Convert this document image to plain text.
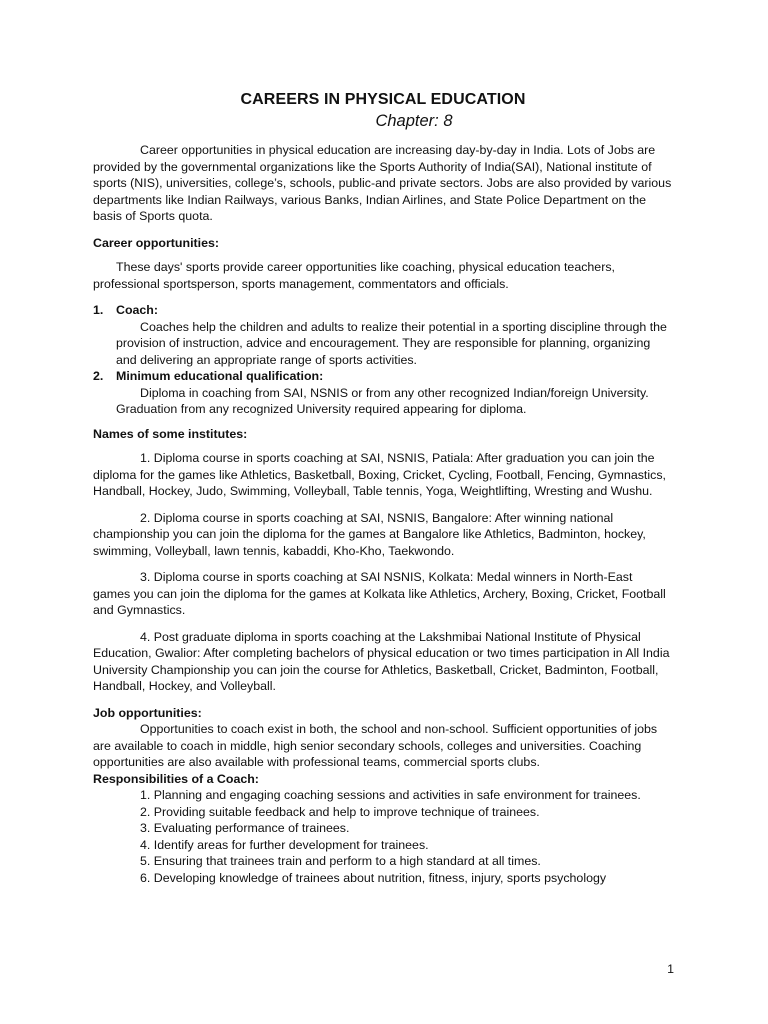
CAREERS IN PHYSICAL EDUCATION
Chapter: 8

Career opportunities in physical education are increasing day-by-day in India. Lots of Jobs are provided by the governmental organizations like the Sports Authority of India(SAI), National institute of sports (NIS), universities, college’s, schools, public-and private sectors. Jobs are also provided by various departments like Indian Railways, various Banks, Indian Airlines, and State Police Department on the basis of Sports quota.

Career opportunities:

These days' sports provide career opportunities like coaching, physical education teachers, professional sportsperson, sports management, commentators and officials.

1. Coach:
Coaches help the children and adults to realize their potential in a sporting discipline through the provision of instruction, advice and encouragement. They are responsible for planning, organizing and delivering an appropriate range of sports activities.
2. Minimum educational qualification:
Diploma in coaching from SAI, NSNIS or from any other recognized Indian/foreign University. Graduation from any recognized University required appearing for diploma.

Names of some institutes:

1. Diploma course in sports coaching at SAI, NSNIS, Patiala: After graduation you can join the diploma for the games like Athletics, Basketball, Boxing, Cricket, Cycling, Football, Fencing, Gymnastics, Handball, Hockey, Judo, Swimming, Volleyball, Table tennis, Yoga, Weightlifting, Wresting and Wushu.

2. Diploma course in sports coaching at SAI, NSNIS, Bangalore: After winning national championship you can join the diploma for the games at Bangalore like Athletics, Badminton, hockey, swimming, Volleyball, lawn tennis, kabaddi, Kho-Kho, Taekwondo.

3. Diploma course in sports coaching at SAI NSNIS, Kolkata: Medal winners in North-East games you can join the diploma for the games at Kolkata like Athletics, Archery, Boxing, Cricket, Football and Gymnastics.

4. Post graduate diploma in sports coaching at the Lakshmibai National Institute of Physical Education, Gwalior: After completing bachelors of physical education or two times participation in All India University Championship you can join the course for Athletics, Basketball, Cricket, Badminton, Football, Handball, Hockey, and Volleyball.

Job opportunities:

Opportunities to coach exist in both, the school and non-school. Sufficient opportunities of jobs are available to coach in middle, high senior secondary schools, colleges and universities. Coaching opportunities are also available with professional teams, commercial sports clubs.

Responsibilities of a Coach:

1. Planning and engaging coaching sessions and activities in safe environment for trainees.
2. Providing suitable feedback and help to improve technique of trainees.
3. Evaluating performance of trainees.
4. Identify areas for further development for trainees.
5. Ensuring that trainees train and perform to a high standard at all times.
6. Developing knowledge of trainees about nutrition, fitness, injury, sports psychology
1
